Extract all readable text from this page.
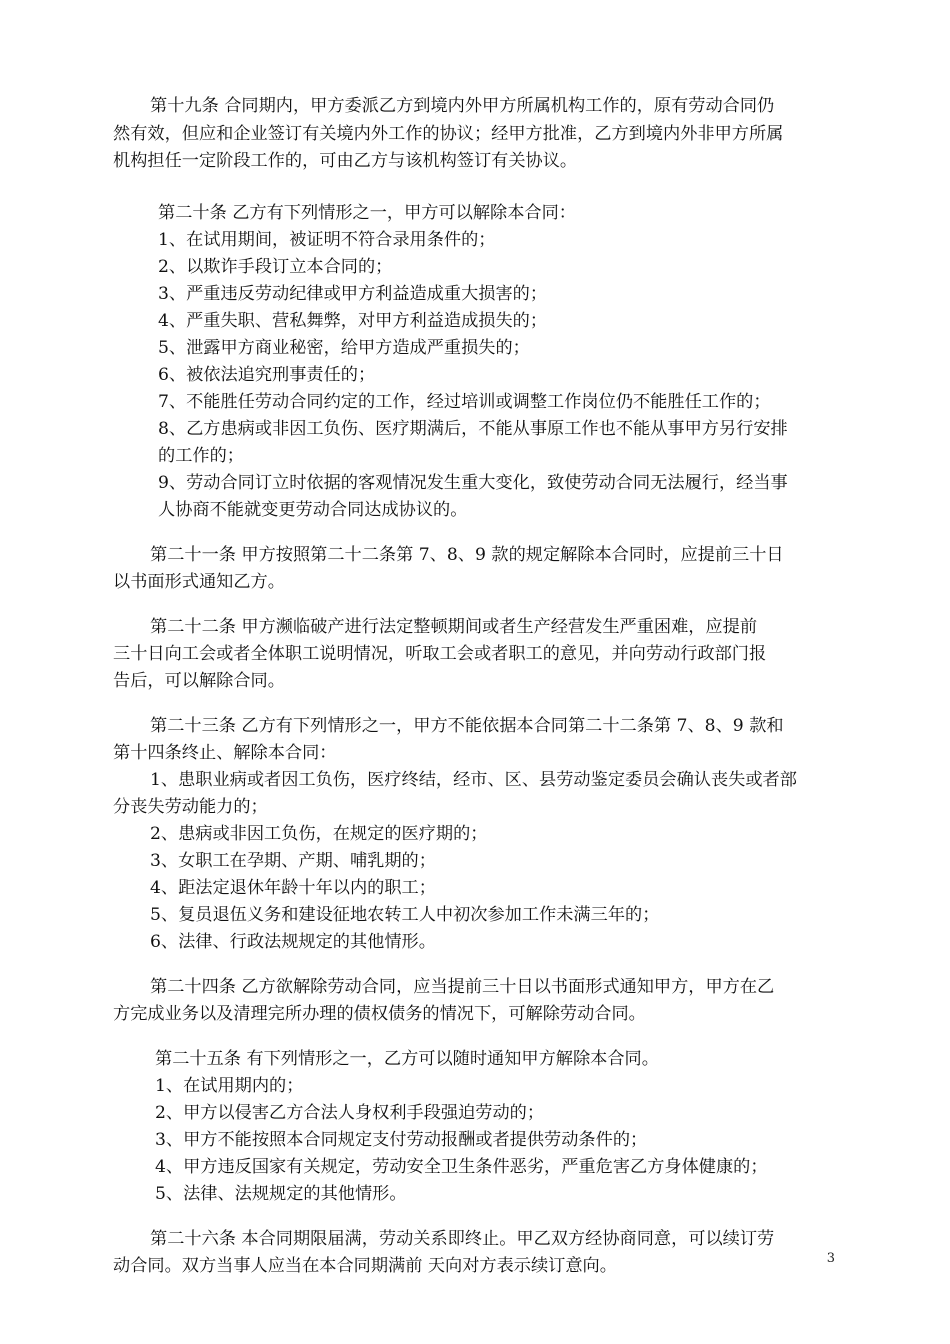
第十九条 合同期内，甲方委派乙方到境内外甲方所属机构工作的，原有劳动合同仍
然有效，但应和企业签订有关境内外工作的协议；经甲方批准，乙方到境内外非甲方所属
机构担任一定阶段工作的，可由乙方与该机构签订有关协议。
第二十条 乙方有下列情形之一，甲方可以解除本合同：
1、在试用期间，被证明不符合录用条件的；
2、以欺诈手段订立本合同的；
3、严重违反劳动纪律或甲方利益造成重大损害的；
4、严重失职、营私舞弊，对甲方利益造成损失的；
5、泄露甲方商业秘密，给甲方造成严重损失的；
6、被依法追究刑事责任的；
7、不能胜任劳动合同约定的工作，经过培训或调整工作岗位仍不能胜任工作的；
8、乙方患病或非因工负伤、医疗期满后，不能从事原工作也不能从事甲方另行安排
的工作的；
9、劳动合同订立时依据的客观情况发生重大变化，致使劳动合同无法履行，经当事
人协商不能就变更劳动合同达成协议的。
第二十一条 甲方按照第二十二条第 7、8、9 款的规定解除本合同时，应提前三十日
以书面形式通知乙方。
第二十二条 甲方濒临破产进行法定整顿期间或者生产经营发生严重困难，应提前
三十日向工会或者全体职工说明情况，听取工会或者职工的意见，并向劳动行政部门报
告后，可以解除合同。
第二十三条 乙方有下列情形之一，甲方不能依据本合同第二十二条第 7、8、9 款和
第十四条终止、解除本合同：
1、患职业病或者因工负伤，医疗终结，经市、区、县劳动鉴定委员会确认丧失或者部
分丧失劳动能力的；
2、患病或非因工负伤，在规定的医疗期的；
3、女职工在孕期、产期、哺乳期的；
4、距法定退休年龄十年以内的职工；
5、复员退伍义务和建设征地农转工人中初次参加工作未满三年的；
6、法律、行政法规规定的其他情形。
第二十四条 乙方欲解除劳动合同，应当提前三十日以书面形式通知甲方，甲方在乙
方完成业务以及清理完所办理的债权债务的情况下，可解除劳动合同。
第二十五条 有下列情形之一，乙方可以随时通知甲方解除本合同。
1、在试用期内的；
2、甲方以侵害乙方合法人身权利手段强迫劳动的；
3、甲方不能按照本合同规定支付劳动报酬或者提供劳动条件的；
4、甲方违反国家有关规定，劳动安全卫生条件恶劣，严重危害乙方身体健康的；
5、法律、法规规定的其他情形。
第二十六条 本合同期限届满，劳动关系即终止。甲乙双方经协商同意，可以续订劳
动合同。双方当事人应当在本合同期满前 天向对方表示续订意向。	3
